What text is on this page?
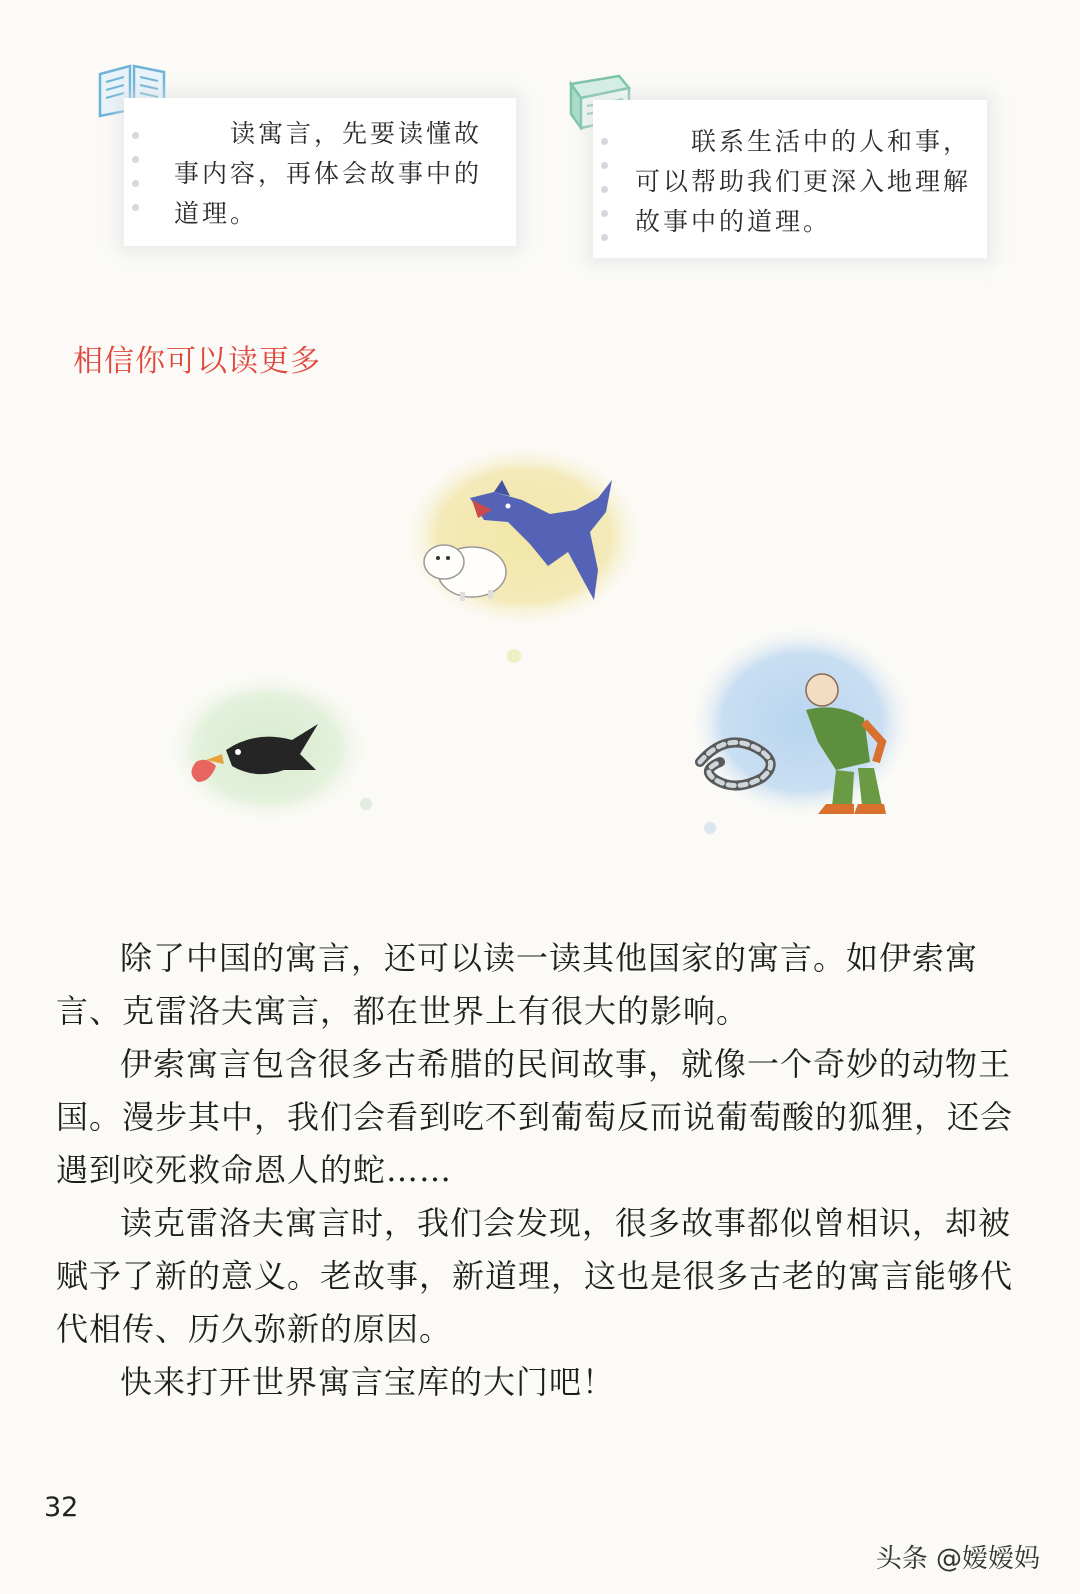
　　读寓言，先要读懂故
事内容，再体会故事中的
道理。
　　联系生活中的人和事，
可以帮助我们更深入地理解
故事中的道理。
相信你可以读更多

除了中国的寓言，还可以读一读其他国家的寓言。如伊索寓言、克雷洛夫寓言，都在世界上有很大的影响。

伊索寓言包含很多古希腊的民间故事，就像一个奇妙的动物王国。漫步其中，我们会看到吃不到葡萄反而说葡萄酸的狐狸，还会遇到咬死救命恩人的蛇……

读克雷洛夫寓言时，我们会发现，很多故事都似曾相识，却被赋予了新的意义。老故事，新道理，这也是很多古老的寓言能够代代相传、历久弥新的原因。

快来打开世界寓言宝库的大门吧！

32
头条 @嫒嫒妈
